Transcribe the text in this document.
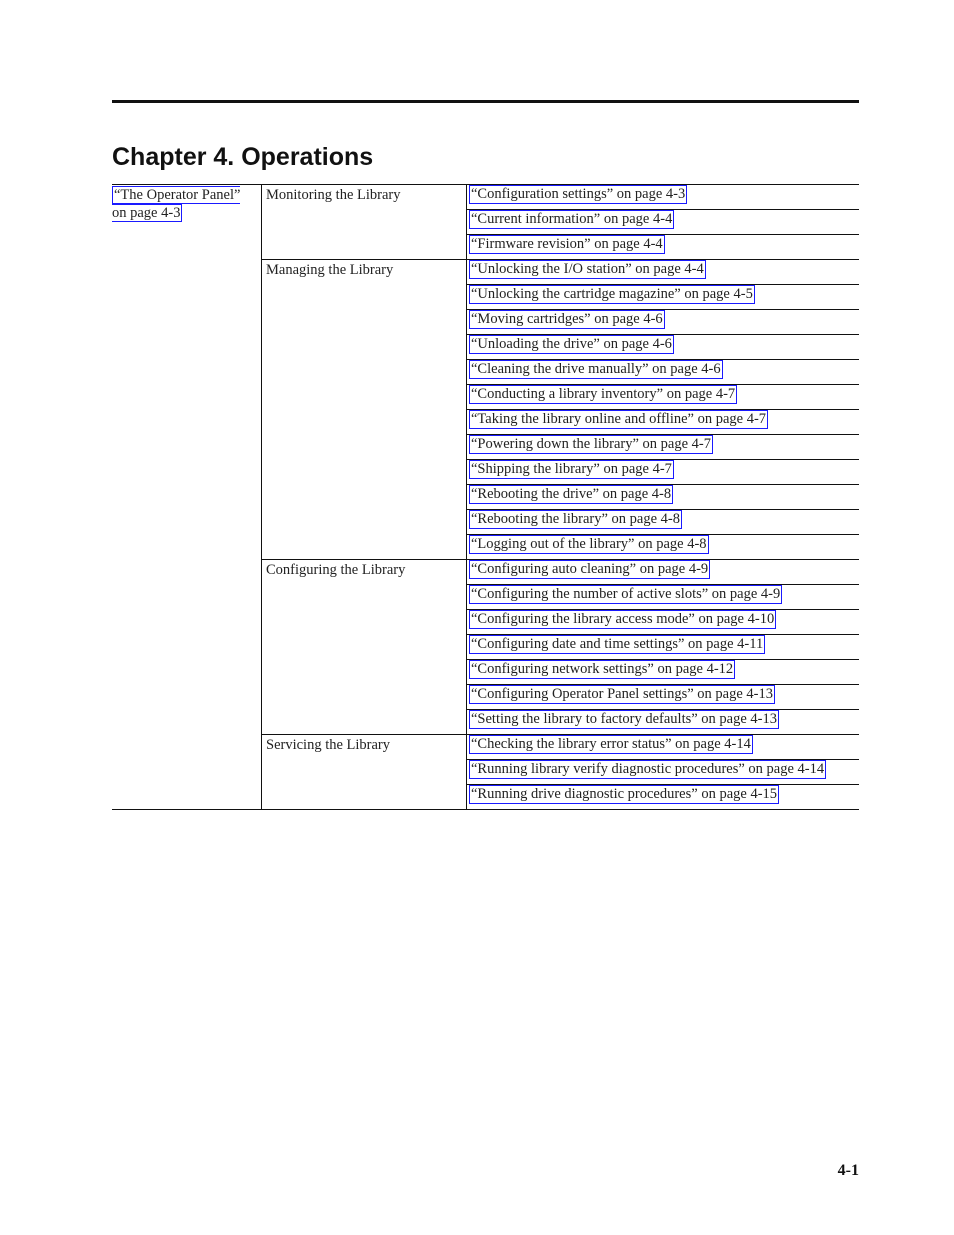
Chapter 4. Operations
“The Operator Panel”
on page 4-3
Monitoring the Library	“Configuration settings” on page 4-3
“Current information” on page 4-4
“Firmware revision” on page 4-4
Managing the Library	“Unlocking the I/O station” on page 4-4
“Unlocking the cartridge magazine” on page 4-5
“Moving cartridges” on page 4-6
“Unloading the drive” on page 4-6
“Cleaning the drive manually” on page 4-6
“Conducting a library inventory” on page 4-7
“Taking the library online and offline” on page 4-7
“Powering down the library” on page 4-7
“Shipping the library” on page 4-7
“Rebooting the drive” on page 4-8
“Rebooting the library” on page 4-8
“Logging out of the library” on page 4-8
Configuring the Library	“Configuring auto cleaning” on page 4-9
“Configuring the number of active slots” on page 4-9
“Configuring the library access mode” on page 4-10
“Configuring date and time settings” on page 4-11
“Configuring network settings” on page 4-12
“Configuring Operator Panel settings” on page 4-13
“Setting the library to factory defaults” on page 4-13
Servicing the Library	“Checking the library error status” on page 4-14
“Running library verify diagnostic procedures” on page 4-14
“Running drive diagnostic procedures” on page 4-15
4-1
